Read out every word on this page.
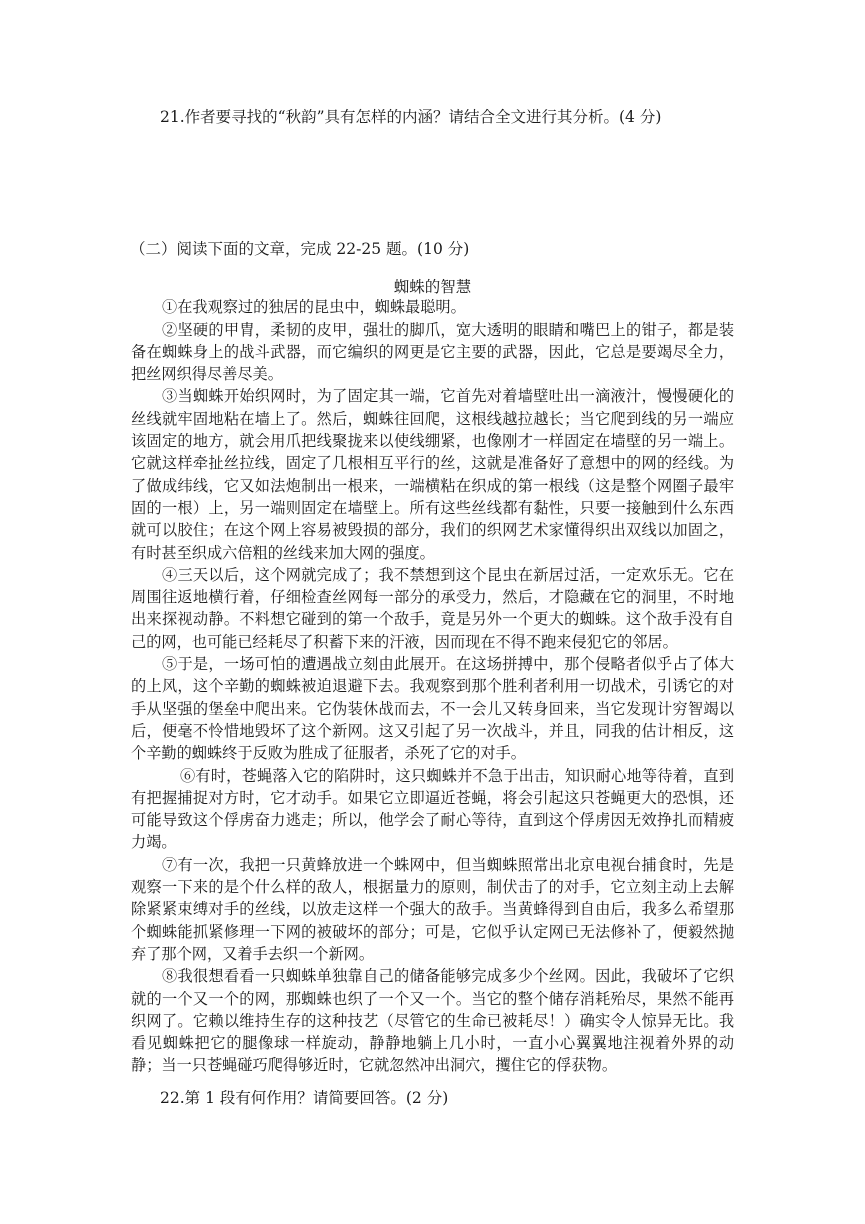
21.作者要寻找的“秋韵”具有怎样的内涵？请结合全文进行其分析。(4 分)
（二）阅读下面的文章，完成 22-25 题。(10 分)
蜘蛛的智慧

①在我观察过的独居的昆虫中，蜘蛛最聪明。

②坚硬的甲胄，柔韧的皮甲，强壮的脚爪，宽大透明的眼睛和嘴巴上的钳子，都是装备在蜘蛛身上的战斗武器，而它编织的网更是它主要的武器，因此，它总是要竭尽全力，把丝网织得尽善尽美。

③当蜘蛛开始织网时，为了固定其一端，它首先对着墙壁吐出一滴液汁，慢慢硬化的丝线就牢固地粘在墙上了。然后，蜘蛛往回爬，这根线越拉越长；当它爬到线的另一端应该固定的地方，就会用爪把线聚拢来以使线绷紧，也像刚才一样固定在墙壁的另一端上。它就这样牵扯丝拉线，固定了几根相互平行的丝，这就是准备好了意想中的网的经线。为了做成纬线，它又如法炮制出一根来，一端横粘在织成的第一根线（这是整个网圈子最牢固的一根）上，另一端则固定在墙壁上。所有这些丝线都有黏性，只要一接触到什么东西就可以胶住；在这个网上容易被毁损的部分，我们的织网艺术家懂得织出双线以加固之，有时甚至织成六倍粗的丝线来加大网的强度。

④三天以后，这个网就完成了；我不禁想到这个昆虫在新居过活，一定欢乐无。它在周围往返地横行着，仔细检查丝网每一部分的承受力，然后，才隐藏在它的洞里，不时地出来探视动静。不料想它碰到的第一个敌手，竟是另外一个更大的蜘蛛。这个敌手没有自己的网，也可能已经耗尽了积蓄下来的汗液，因而现在不得不跑来侵犯它的邻居。

⑤于是，一场可怕的遭遇战立刻由此展开。在这场拼搏中，那个侵略者似乎占了体大的上风，这个辛勤的蜘蛛被迫退避下去。我观察到那个胜利者利用一切战术，引诱它的对手从坚强的堡垒中爬出来。它伪装休战而去，不一会儿又转身回来，当它发现计穷智竭以后，便毫不怜惜地毁坏了这个新网。这又引起了另一次战斗，并且，同我的估计相反，这个辛勤的蜘蛛终于反败为胜成了征服者，杀死了它的对手。

⑥有时，苍蝇落入它的陷阱时，这只蜘蛛并不急于出击，知识耐心地等待着，直到有把握捕捉对方时，它才动手。如果它立即逼近苍蝇，将会引起这只苍蝇更大的恐惧，还可能导致这个俘虏奋力逃走；所以，他学会了耐心等待，直到这个俘虏因无效挣扎而精疲力竭。

⑦有一次，我把一只黄蜂放进一个蛛网中，但当蜘蛛照常出北京电视台捕食时，先是观察一下来的是个什么样的敌人，根据量力的原则，制伏击了的对手，它立刻主动上去解除紧紧束缚对手的丝线，以放走这样一个强大的敌手。当黄蜂得到自由后，我多么希望那个蜘蛛能抓紧修理一下网的被破坏的部分；可是，它似乎认定网已无法修补了，便毅然抛弃了那个网，又着手去织一个新网。

⑧我很想看看一只蜘蛛单独靠自己的储备能够完成多少个丝网。因此，我破坏了它织就的一个又一个的网，那蜘蛛也织了一个又一个。当它的整个储存消耗殆尽，果然不能再织网了。它赖以维持生存的这种技艺（尽管它的生命已被耗尽！）确实令人惊异无比。我看见蜘蛛把它的腿像球一样旋动，静静地躺上几小时，一直小心翼翼地注视着外界的动静；当一只苍蝇碰巧爬得够近时，它就忽然冲出洞穴，攫住它的俘获物。

22.第 1 段有何作用？请简要回答。(2 分)
